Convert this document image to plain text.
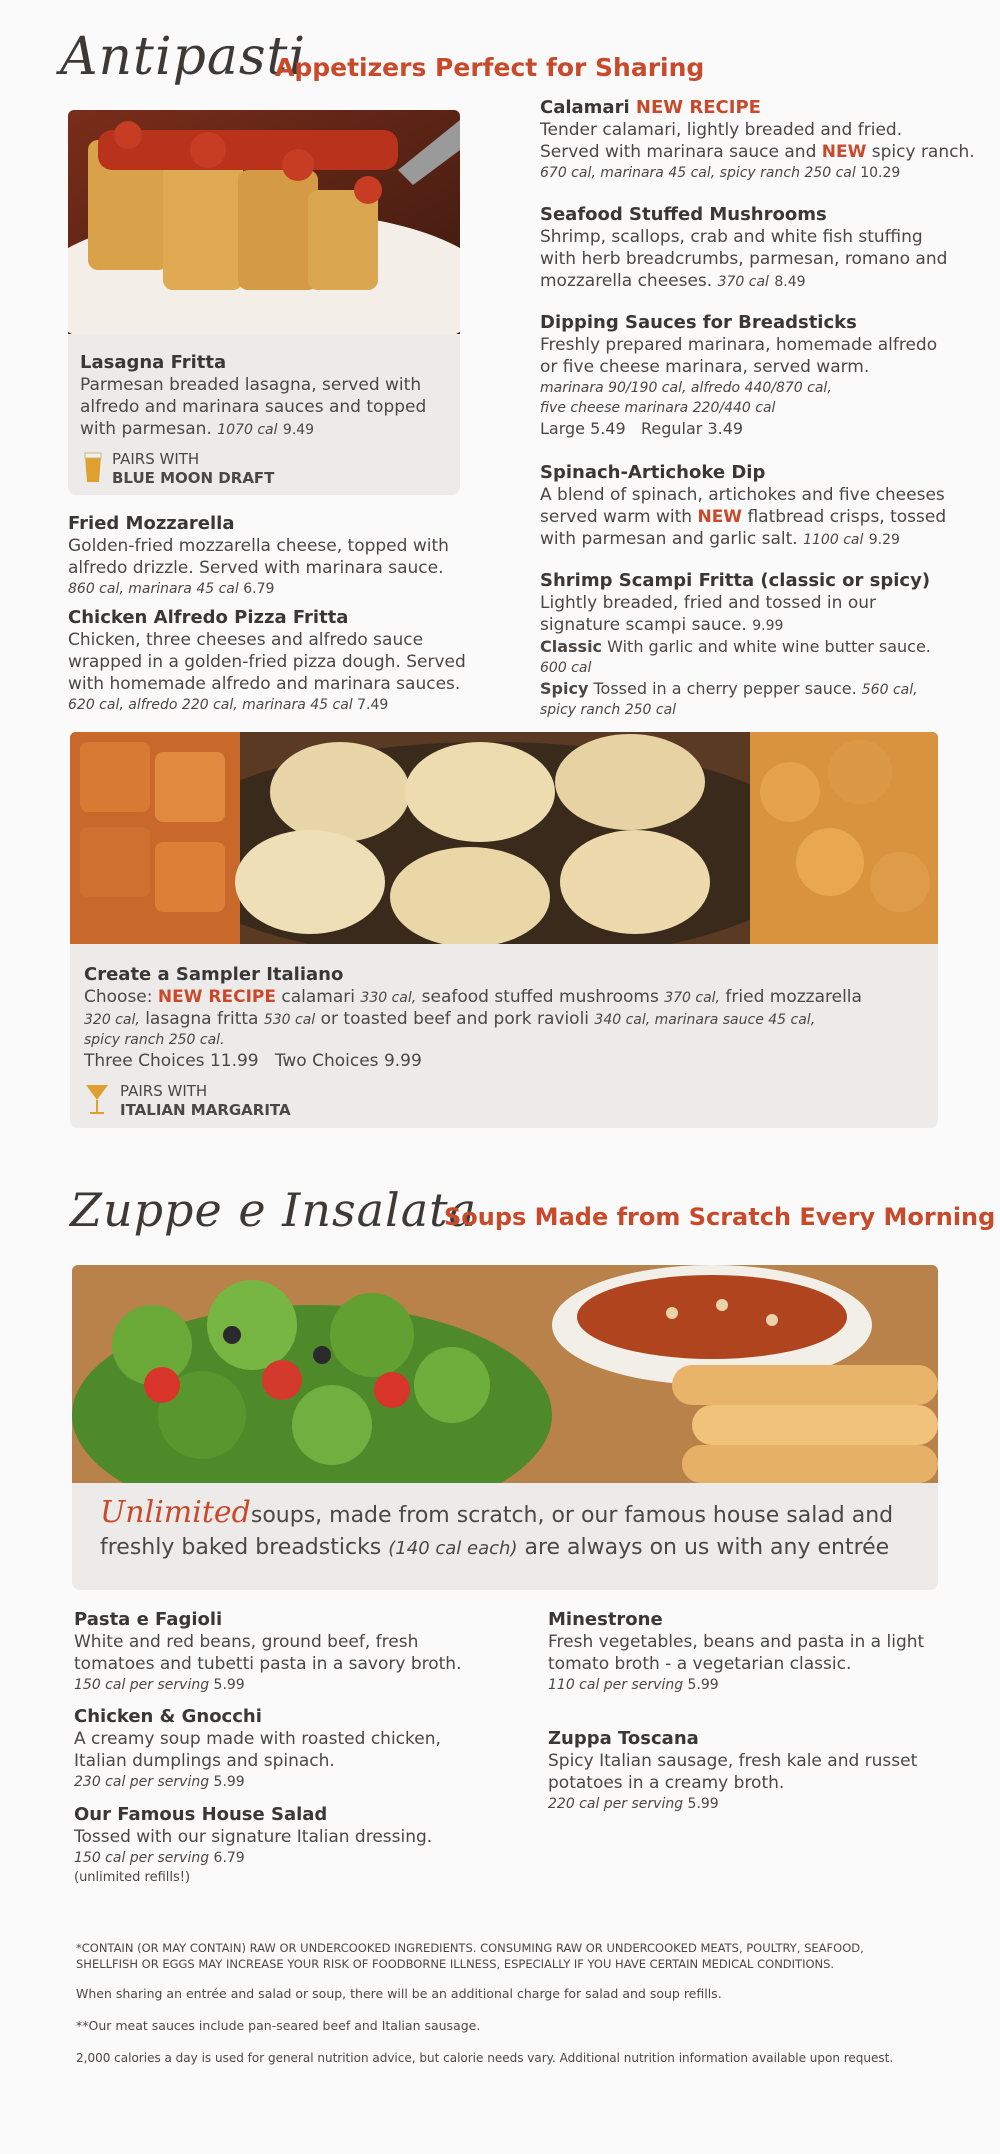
Antipasti
Appetizers Perfect for Sharing
Lasagna Fritta
Parmesan breaded lasagna, served with
alfredo and marinara sauces and topped
with parmesan. 1070 cal 9.49
PAIRS WITH
BLUE MOON DRAFT
Fried Mozzarella
Golden-fried mozzarella cheese, topped with
alfredo drizzle. Served with marinara sauce.
860 cal, marinara 45 cal 6.79
Chicken Alfredo Pizza Fritta
Chicken, three cheeses and alfredo sauce
wrapped in a golden-fried pizza dough. Served
with homemade alfredo and marinara sauces.
620 cal, alfredo 220 cal, marinara 45 cal 7.49
Calamari NEW RECIPE
Tender calamari, lightly breaded and fried.
Served with marinara sauce and NEW spicy ranch.
670 cal, marinara 45 cal, spicy ranch 250 cal 10.29
Seafood Stuffed Mushrooms
Shrimp, scallops, crab and white fish stuffing
with herb breadcrumbs, parmesan, romano and
mozzarella cheeses. 370 cal 8.49
Dipping Sauces for Breadsticks
Freshly prepared marinara, homemade alfredo
or five cheese marinara, served warm.
marinara 90/190 cal, alfredo 440/870 cal,
five cheese marinara 220/440 cal
Large 5.49 Regular 3.49
Spinach-Artichoke Dip
A blend of spinach, artichokes and five cheeses
served warm with NEW flatbread crisps, tossed
with parmesan and garlic salt. 1100 cal 9.29
Shrimp Scampi Fritta (classic or spicy)
Lightly breaded, fried and tossed in our
signature scampi sauce. 9.99
Classic With garlic and white wine butter sauce.
600 cal
Spicy Tossed in a cherry pepper sauce. 560 cal,
spicy ranch 250 cal
Create a Sampler Italiano
Choose: NEW RECIPE calamari 330 cal, seafood stuffed mushrooms 370 cal, fried mozzarella
320 cal, lasagna fritta 530 cal or toasted beef and pork ravioli 340 cal, marinara sauce 45 cal,
spicy ranch 250 cal.
Three Choices 11.99 Two Choices 9.99
PAIRS WITH
ITALIAN MARGARITA
Zuppe e Insalata
Soups Made from Scratch Every Morning
Unlimitedsoups, made from scratch, or our famous house salad and
freshly baked breadsticks (140 cal each) are always on us with any entrée
Pasta e Fagioli
White and red beans, ground beef, fresh
tomatoes and tubetti pasta in a savory broth.
150 cal per serving 5.99
Chicken & Gnocchi
A creamy soup made with roasted chicken,
Italian dumplings and spinach.
230 cal per serving 5.99
Our Famous House Salad
Tossed with our signature Italian dressing.
150 cal per serving 6.79
(unlimited refills!)
Minestrone
Fresh vegetables, beans and pasta in a light
tomato broth - a vegetarian classic.
110 cal per serving 5.99
Zuppa Toscana
Spicy Italian sausage, fresh kale and russet
potatoes in a creamy broth.
220 cal per serving 5.99
*CONTAIN (OR MAY CONTAIN) RAW OR UNDERCOOKED INGREDIENTS. CONSUMING RAW OR UNDERCOOKED MEATS, POULTRY, SEAFOOD,
SHELLFISH OR EGGS MAY INCREASE YOUR RISK OF FOODBORNE ILLNESS, ESPECIALLY IF YOU HAVE CERTAIN MEDICAL CONDITIONS.
When sharing an entrée and salad or soup, there will be an additional charge for salad and soup refills.
**Our meat sauces include pan-seared beef and Italian sausage.
2,000 calories a day is used for general nutrition advice, but calorie needs vary. Additional nutrition information available upon request.
